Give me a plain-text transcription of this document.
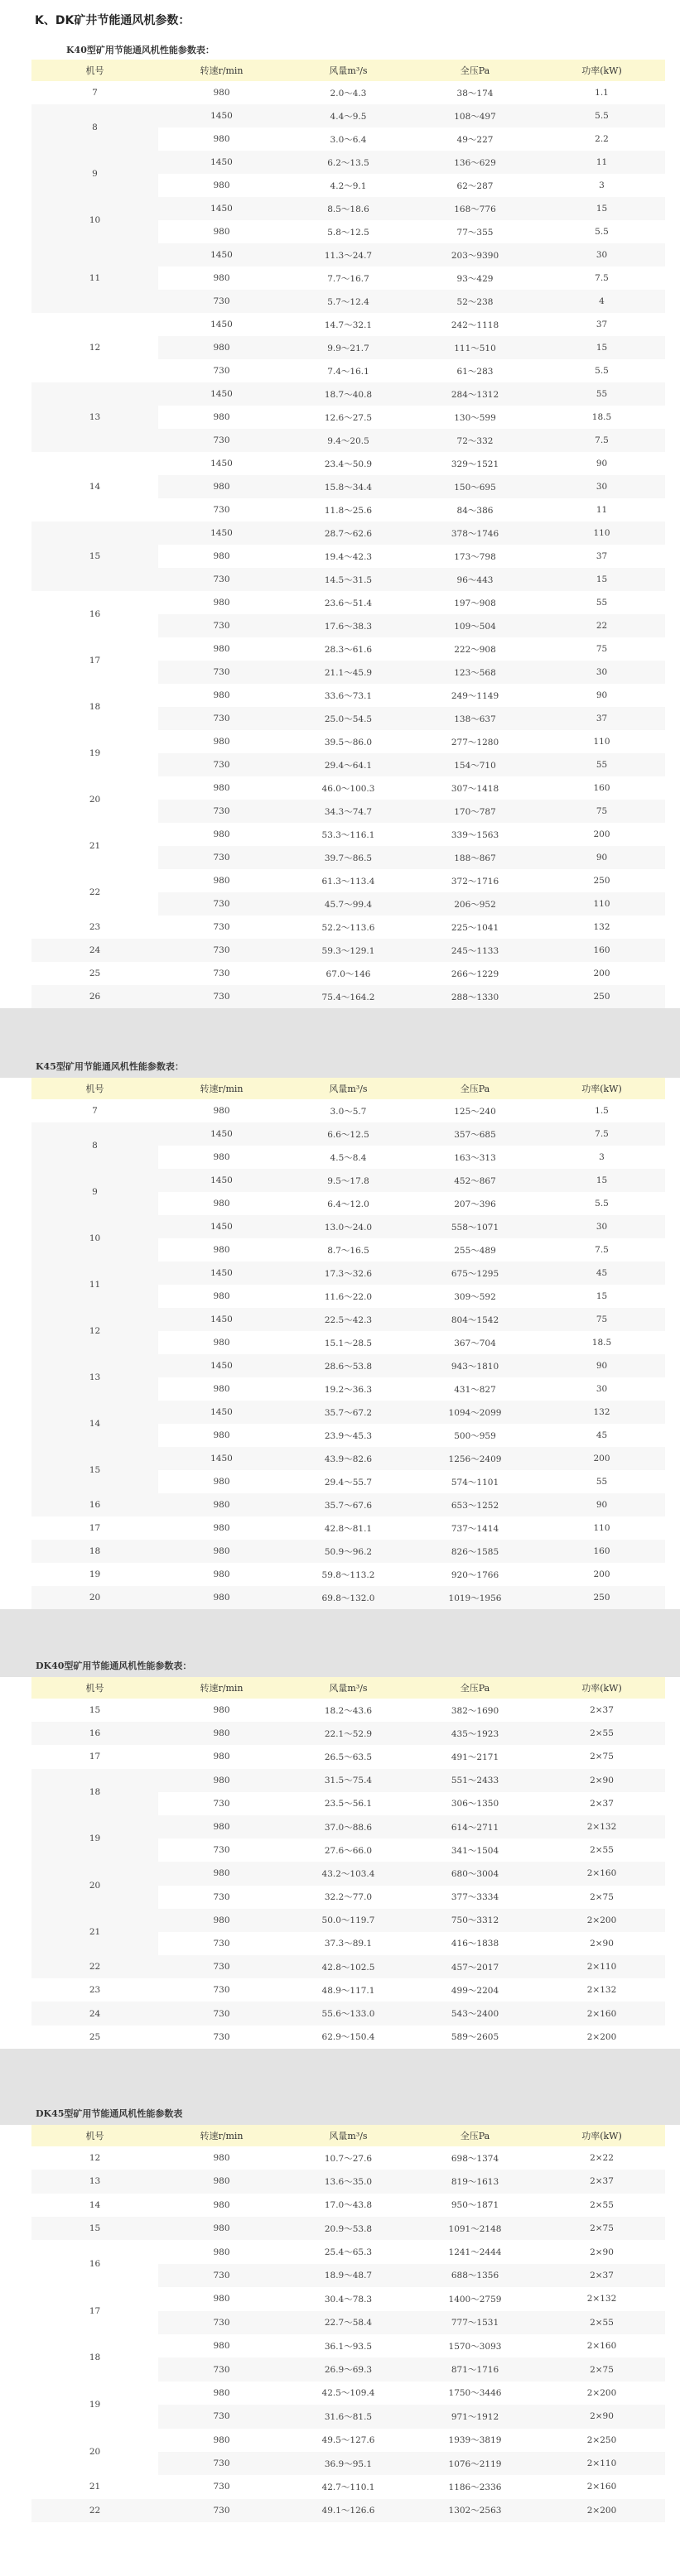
K、DK矿井节能通风机参数：
K40型矿用节能通风机性能参数表：
机号	转速r/min	风量m³/s	全压Pa	功率(kW)
7	980	2.0～4.3	38～174	1.1
8	1450	4.4～9.5	108～497	5.5
	980	3.0～6.4	49～227	2.2
9	1450	6.2～13.5	136～629	11
	980	4.2～9.1	62～287	3
10	1450	8.5～18.6	168～776	15
	980	5.8～12.5	77～355	5.5
11	1450	11.3～24.7	203～9390	30
	980	7.7～16.7	93～429	7.5
	730	5.7～12.4	52～238	4
12	1450	14.7～32.1	242～1118	37
	980	9.9～21.7	111～510	15
	730	7.4～16.1	61～283	5.5
13	1450	18.7～40.8	284～1312	55
	980	12.6～27.5	130～599	18.5
	730	9.4～20.5	72～332	7.5
14	1450	23.4～50.9	329～1521	90
	980	15.8～34.4	150～695	30
	730	11.8～25.6	84～386	11
15	1450	28.7～62.6	378～1746	110
	980	19.4～42.3	173～798	37
	730	14.5～31.5	96～443	15
16	980	23.6～51.4	197～908	55
	730	17.6～38.3	109～504	22
17	980	28.3～61.6	222～908	75
	730	21.1～45.9	123～568	30
18	980	33.6～73.1	249～1149	90
	730	25.0～54.5	138～637	37
19	980	39.5～86.0	277～1280	110
	730	29.4～64.1	154～710	55
20	980	46.0～100.3	307～1418	160
	730	34.3～74.7	170～787	75
21	980	53.3～116.1	339～1563	200
	730	39.7～86.5	188～867	90
22	980	61.3～113.4	372～1716	250
	730	45.7～99.4	206～952	110
23	730	52.2～113.6	225～1041	132
24	730	59.3～129.1	245～1133	160
25	730	67.0～146	266～1229	200
26	730	75.4～164.2	288～1330	250
K45型矿用节能通风机性能参数表：
机号	转速r/min	风量m³/s	全压Pa	功率(kW)
7	980	3.0～5.7	125～240	1.5
8	1450	6.6～12.5	357～685	7.5
	980	4.5～8.4	163～313	3
9	1450	9.5～17.8	452～867	15
	980	6.4～12.0	207～396	5.5
10	1450	13.0～24.0	558～1071	30
	980	8.7～16.5	255～489	7.5
11	1450	17.3～32.6	675～1295	45
	980	11.6～22.0	309～592	15
12	1450	22.5～42.3	804～1542	75
	980	15.1～28.5	367～704	18.5
13	1450	28.6～53.8	943～1810	90
	980	19.2～36.3	431～827	30
14	1450	35.7～67.2	1094～2099	132
	980	23.9～45.3	500～959	45
15	1450	43.9～82.6	1256～2409	200
	980	29.4～55.7	574～1101	55
16	980	35.7～67.6	653～1252	90
17	980	42.8～81.1	737～1414	110
18	980	50.9～96.2	826～1585	160
19	980	59.8～113.2	920～1766	200
20	980	69.8～132.0	1019～1956	250
DK40型矿用节能通风机性能参数表：
机号	转速r/min	风量m³/s	全压Pa	功率(kW)
15	980	18.2～43.6	382～1690	2×37
16	980	22.1～52.9	435～1923	2×55
17	980	26.5～63.5	491～2171	2×75
18	980	31.5～75.4	551～2433	2×90
	730	23.5～56.1	306～1350	2×37
19	980	37.0～88.6	614～2711	2×132
	730	27.6～66.0	341～1504	2×55
20	980	43.2～103.4	680～3004	2×160
	730	32.2～77.0	377～3334	2×75
21	980	50.0～119.7	750～3312	2×200
	730	37.3～89.1	416～1838	2×90
22	730	42.8～102.5	457～2017	2×110
23	730	48.9～117.1	499～2204	2×132
24	730	55.6～133.0	543～2400	2×160
25	730	62.9～150.4	589～2605	2×200
DK45型矿用节能通风机性能参数表
机号	转速r/min	风量m³/s	全压Pa	功率(kW)
12	980	10.7～27.6	698～1374	2×22
13	980	13.6～35.0	819～1613	2×37
14	980	17.0～43.8	950～1871	2×55
15	980	20.9～53.8	1091～2148	2×75
16	980	25.4～65.3	1241～2444	2×90
	730	18.9～48.7	688～1356	2×37
17	980	30.4～78.3	1400～2759	2×132
	730	22.7～58.4	777～1531	2×55
18	980	36.1～93.5	1570～3093	2×160
	730	26.9～69.3	871～1716	2×75
19	980	42.5～109.4	1750～3446	2×200
	730	31.6～81.5	971～1912	2×90
20	980	49.5～127.6	1939～3819	2×250
	730	36.9～95.1	1076～2119	2×110
21	730	42.7～110.1	1186～2336	2×160
22	730	49.1～126.6	1302～2563	2×200
